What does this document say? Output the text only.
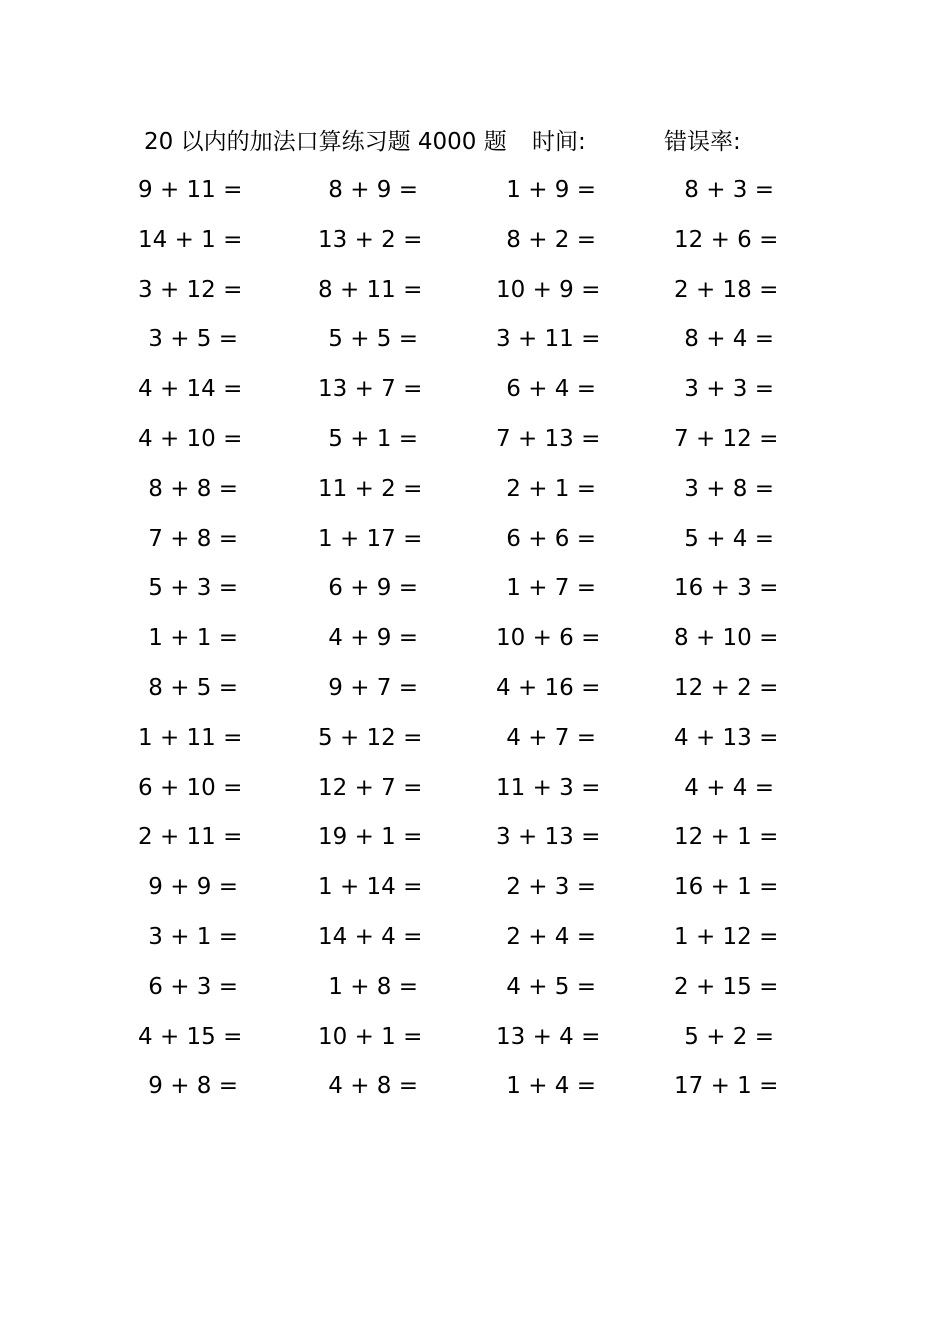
20 以内的加法口算练习题 4000 题 时间:	错误率:
9 + 11 =	8 + 9 =	1 + 9 =	8 + 3 =
14 + 1 =	13 + 2 =	8 + 2 =	12 + 6 =
3 + 12 =	8 + 11 =	10 + 9 =	2 + 18 =
3 + 5 =	5 + 5 =	3 + 11 =	8 + 4 =
4 + 14 =	13 + 7 =	6 + 4 =	3 + 3 =
4 + 10 =	5 + 1 =	7 + 13 =	7 + 12 =
8 + 8 =	11 + 2 =	2 + 1 =	3 + 8 =
7 + 8 =	1 + 17 =	6 + 6 =	5 + 4 =
5 + 3 =	6 + 9 =	1 + 7 =	16 + 3 =
1 + 1 =	4 + 9 =	10 + 6 =	8 + 10 =
8 + 5 =	9 + 7 =	4 + 16 =	12 + 2 =
1 + 11 =	5 + 12 =	4 + 7 =	4 + 13 =
6 + 10 =	12 + 7 =	11 + 3 =	4 + 4 =
2 + 11 =	19 + 1 =	3 + 13 =	12 + 1 =
9 + 9 =	1 + 14 =	2 + 3 =	16 + 1 =
3 + 1 =	14 + 4 =	2 + 4 =	1 + 12 =
6 + 3 =	1 + 8 =	4 + 5 =	2 + 15 =
4 + 15 =	10 + 1 =	13 + 4 =	5 + 2 =
9 + 8 =	4 + 8 =	1 + 4 =	17 + 1 =
